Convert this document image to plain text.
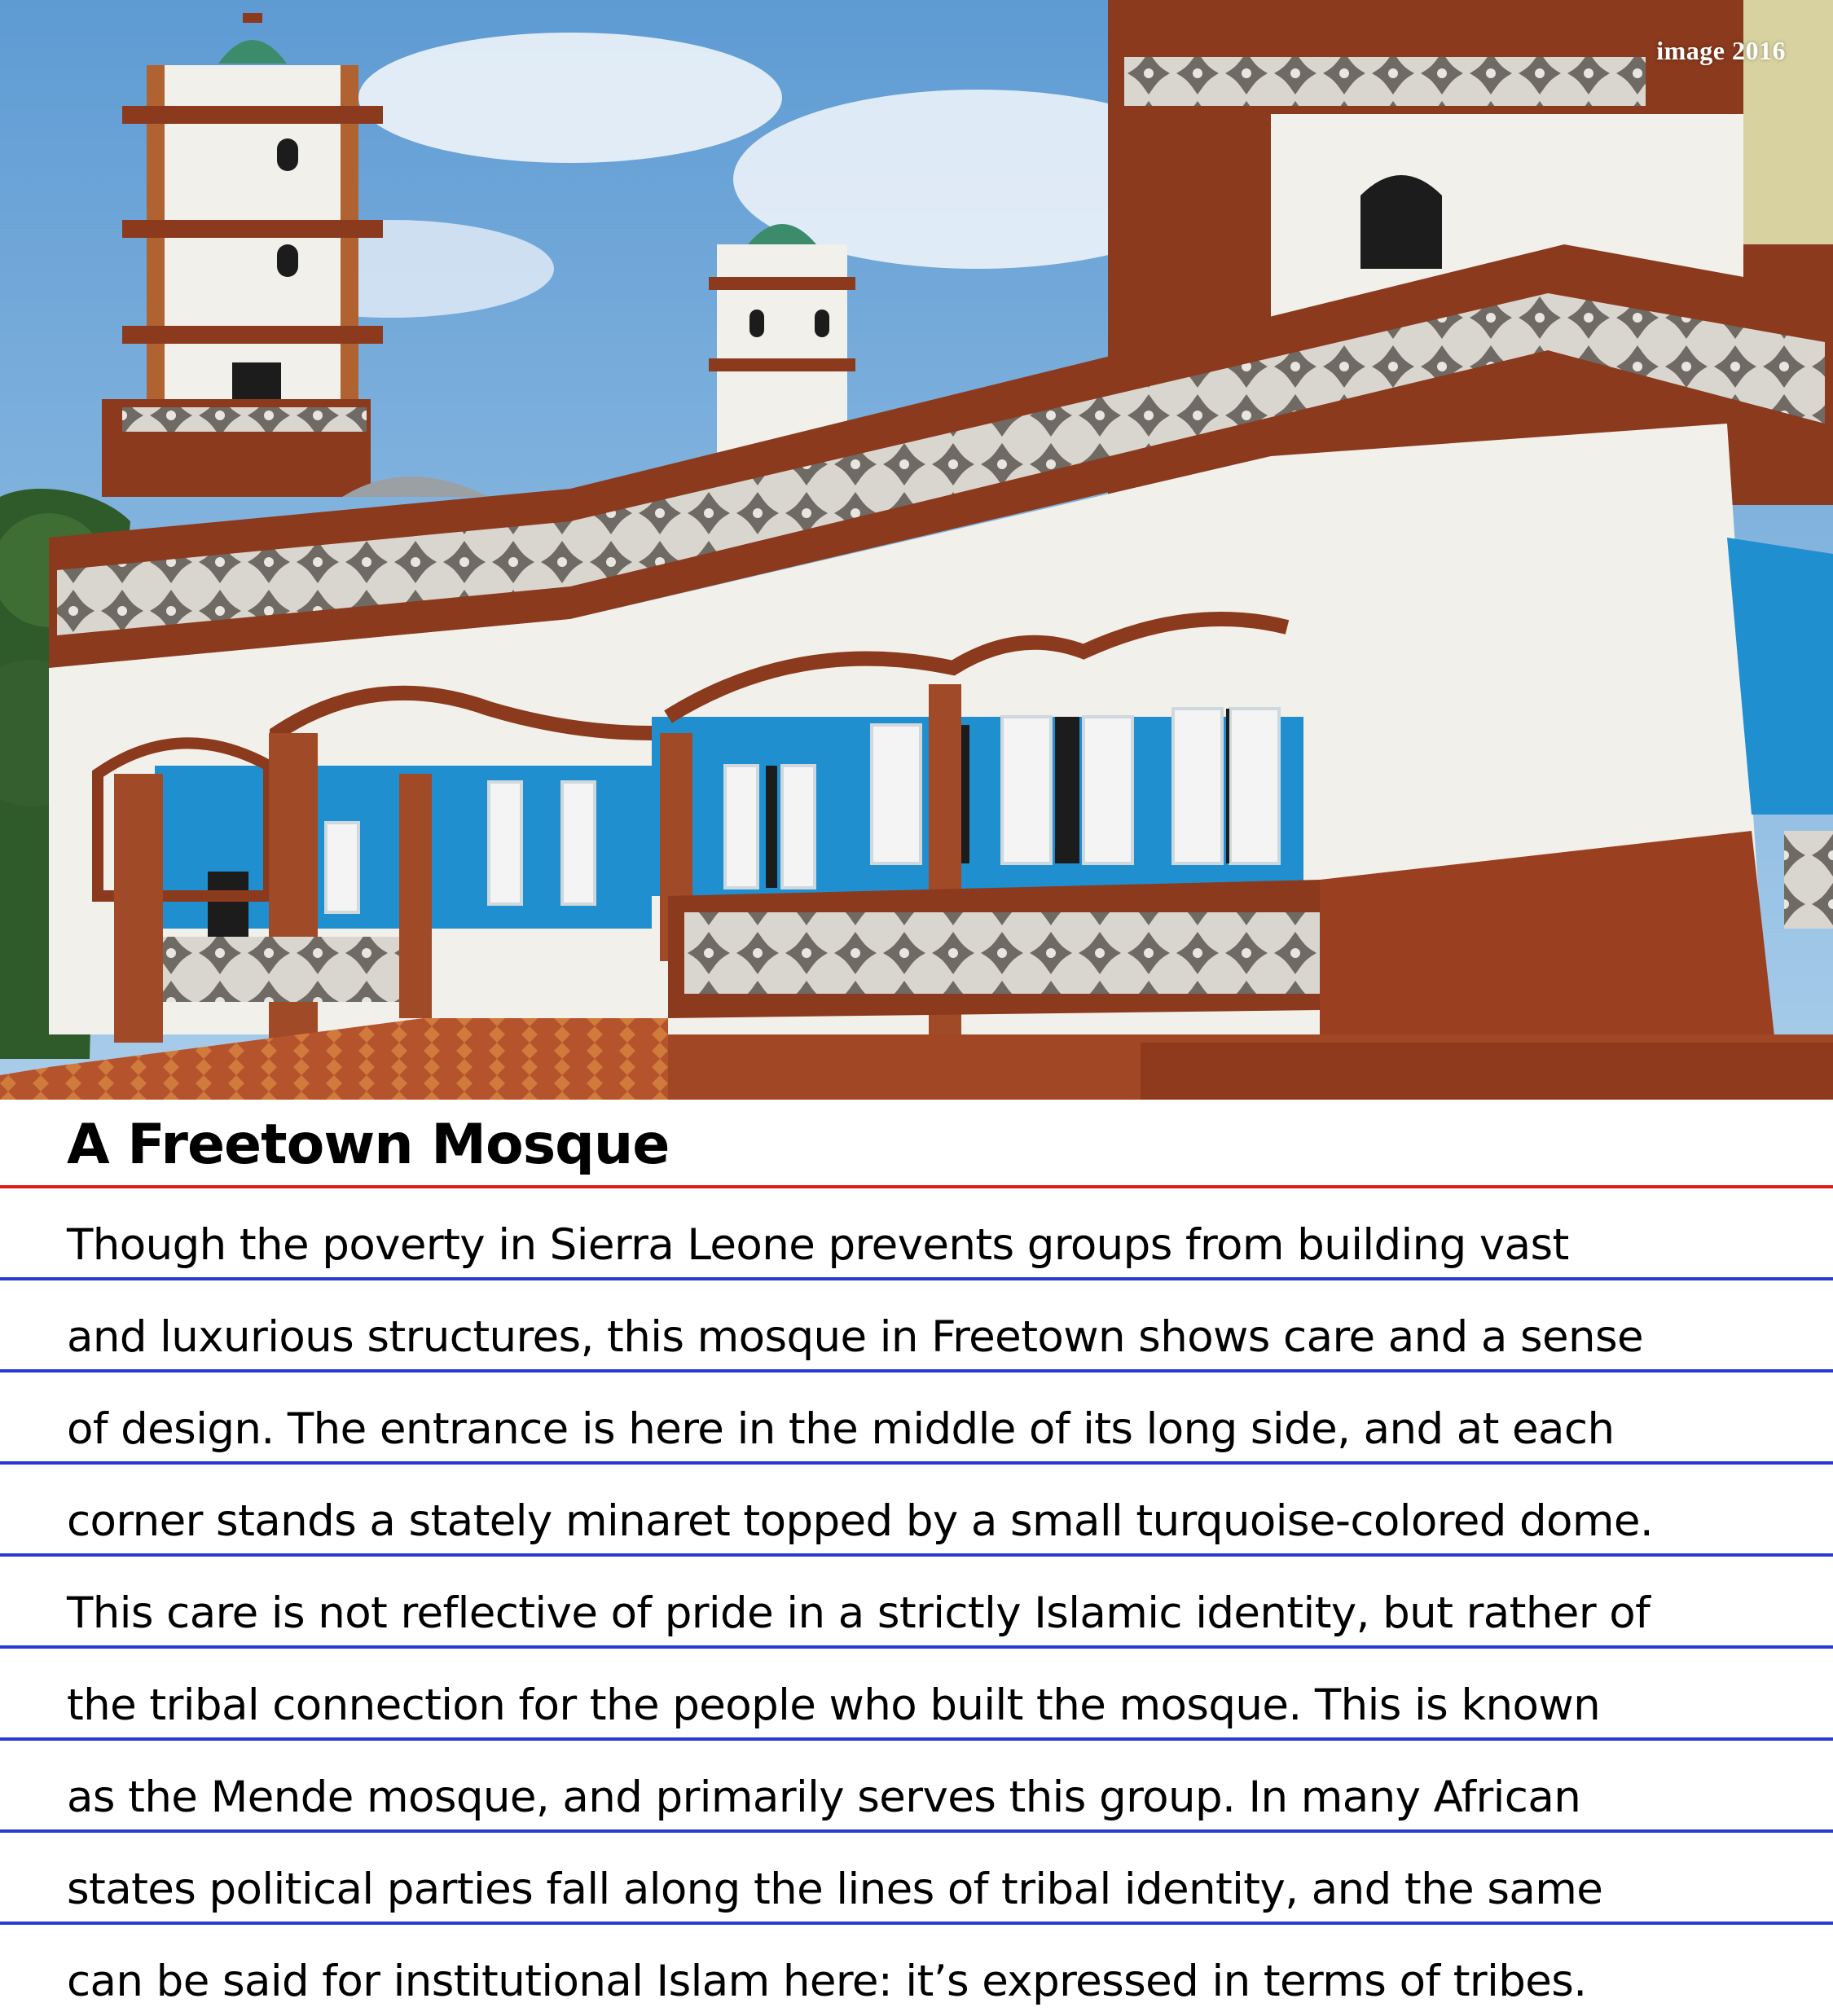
image 2016
A Freetown Mosque
Though the poverty in Sierra Leone prevents groups from building vast
and luxurious structures, this mosque in Freetown shows care and a sense
of design. The entrance is here in the middle of its long side, and at each
corner stands a stately minaret topped by a small turquoise-colored dome.
This care is not reflective of pride in a strictly Islamic identity, but rather of
the tribal connection for the people who built the mosque. This is known
as the Mende mosque, and primarily serves this group. In many African
states political parties fall along the lines of tribal identity, and the same
can be said for institutional Islam here: it’s expressed in terms of tribes.
